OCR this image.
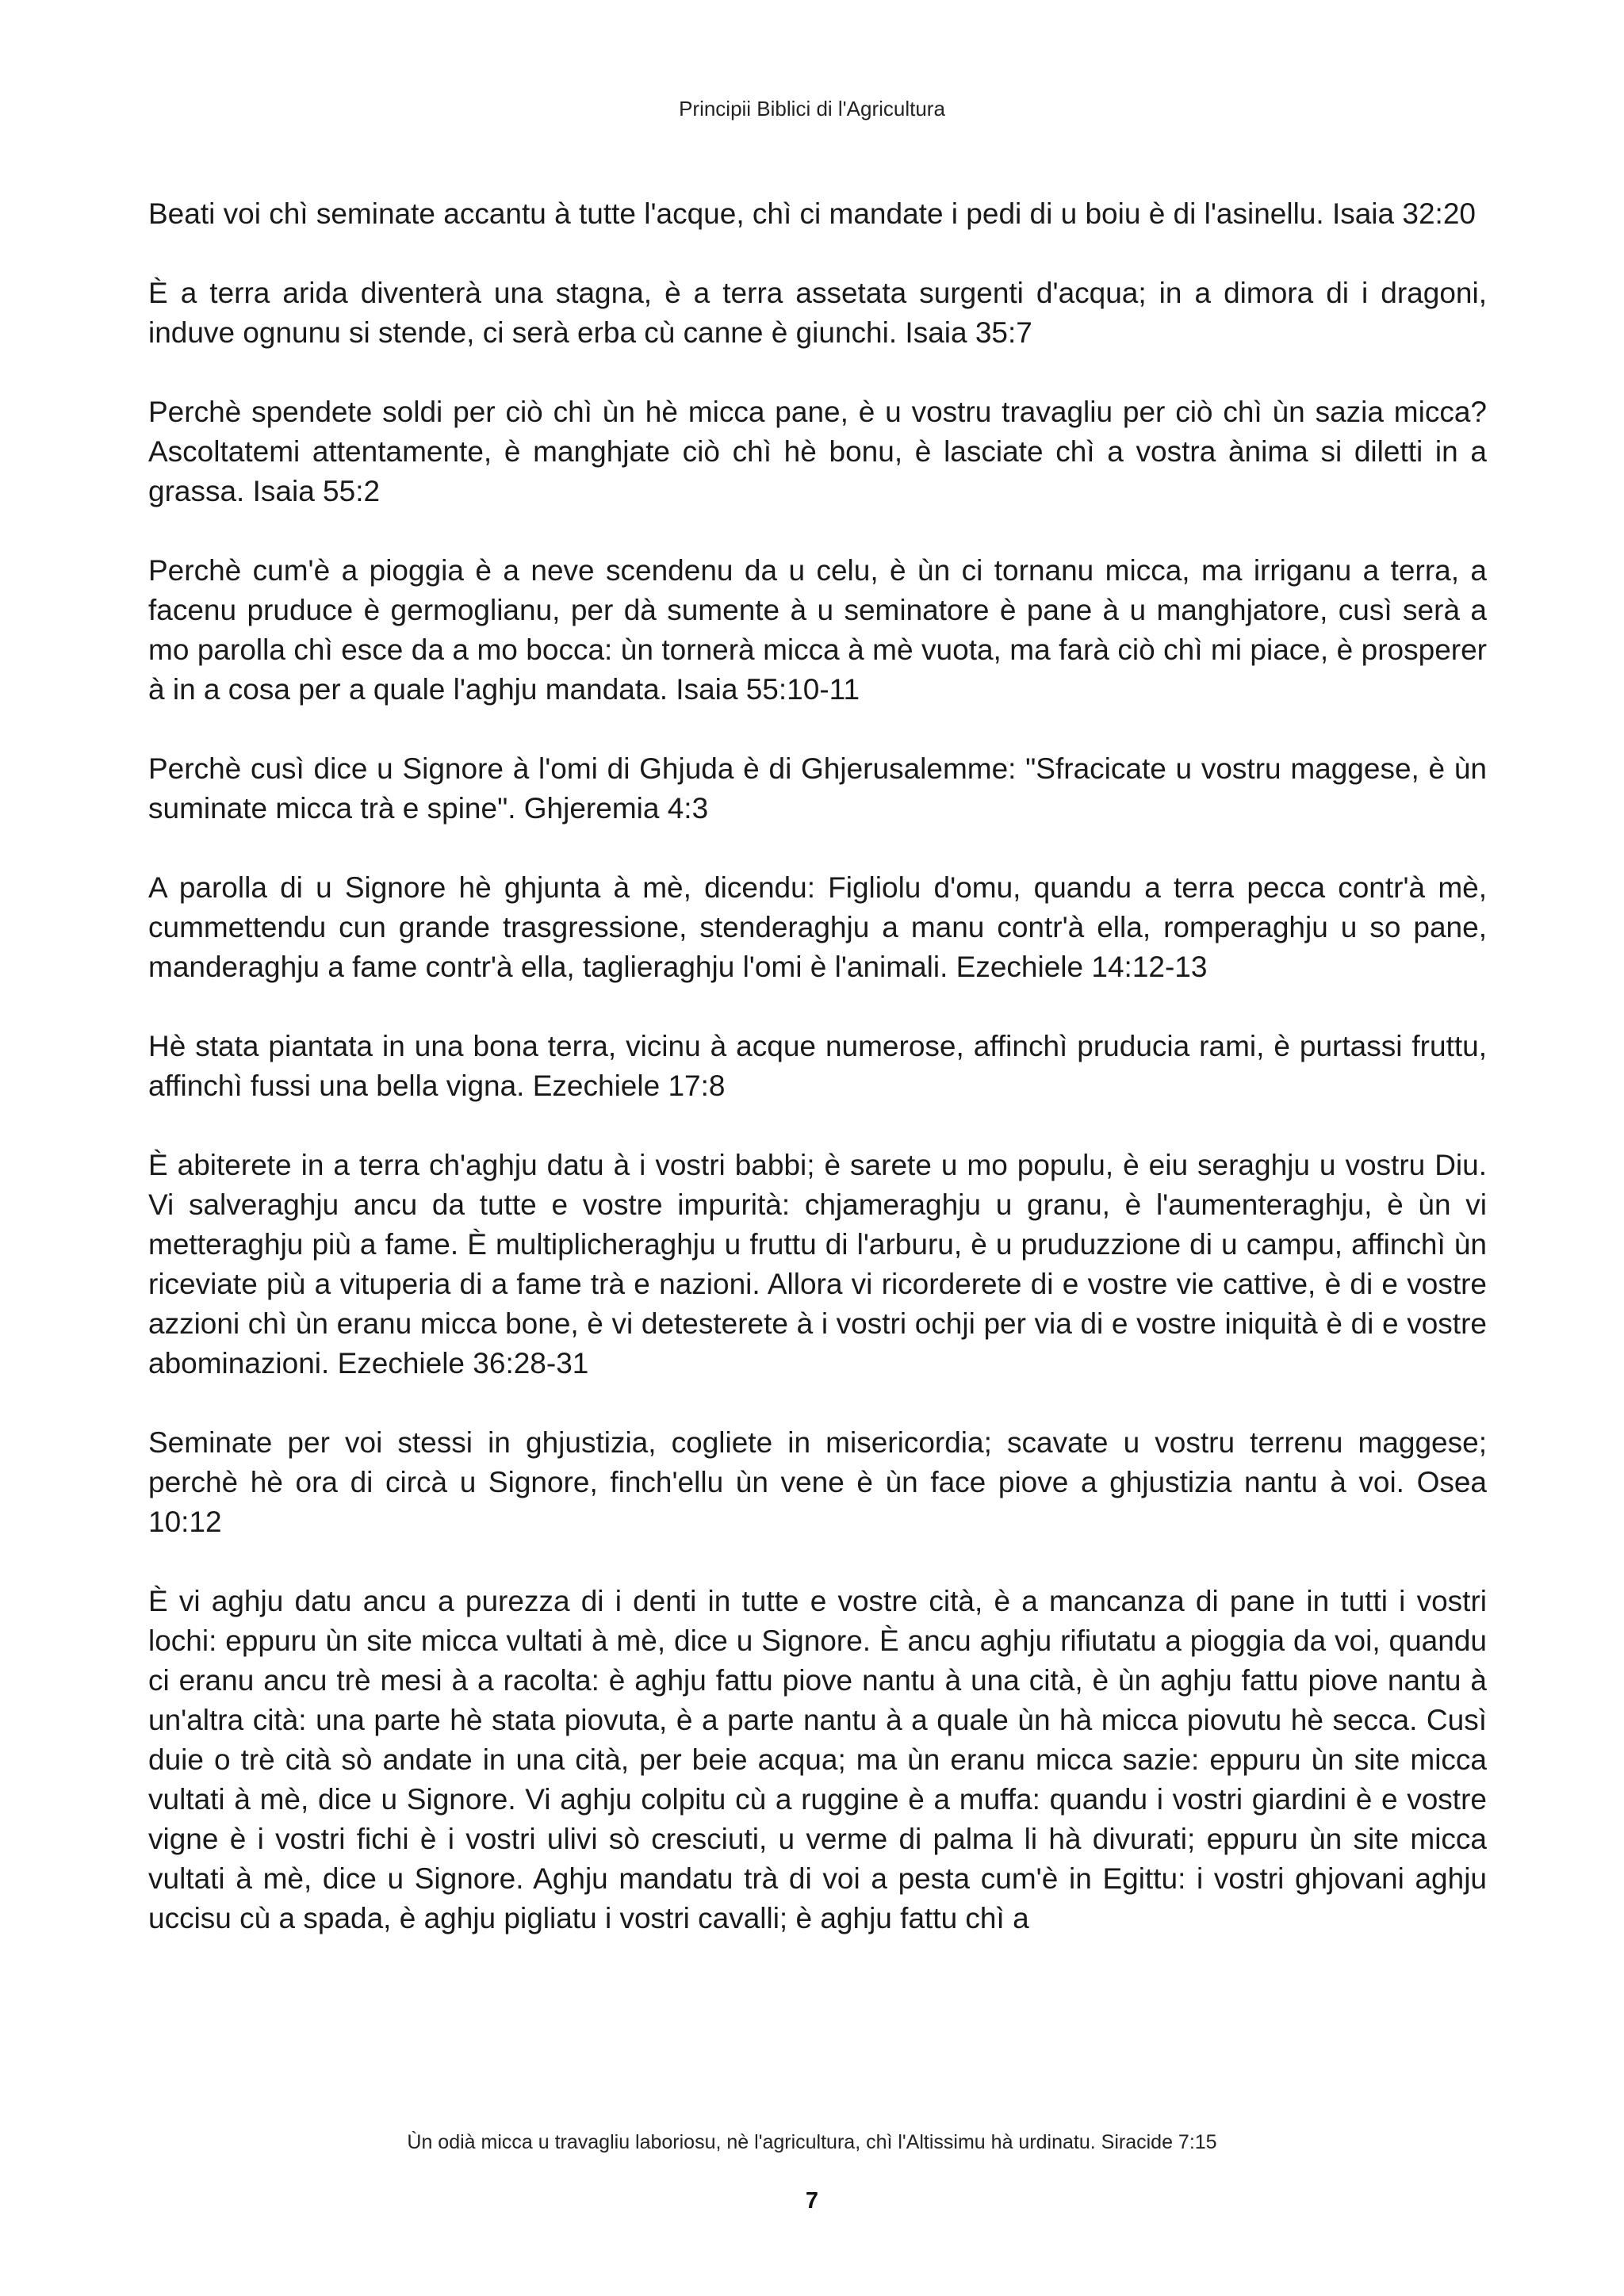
Principii Biblici di l'Agricultura

Beati voi chì seminate accantu à tutte l'acque, chì ci mandate i pedi di u boiu è di l'asinellu. Isaia 32:20

È a terra arida diventerà una stagna, è a terra assetata surgenti d'acqua; in a dimora di i dragoni, induve ognunu si stende, ci serà erba cù canne è giunchi. Isaia 35:7

Perchè spendete soldi per ciò chì ùn hè micca pane, è u vostru travagliu per ciò chì ùn sazia micca? Ascoltatemi attentamente, è manghjate ciò chì hè bonu, è lasciate chì a vostra ànima si diletti in a grassa. Isaia 55:2

Perchè cum'è a pioggia è a neve scendenu da u celu, è ùn ci tornanu micca, ma irriganu a terra, a facenu pruduce è germoglianu, per dà sumente à u seminatore è pane à u manghjatore, cusì serà a mo parolla chì esce da a mo bocca: ùn tornerà micca à mè vuota, ma farà ciò chì mi piace, è prosperer à in a cosa per a quale l'aghju mandata. Isaia 55:10-11

Perchè cusì dice u Signore à l'omi di Ghjuda è di Ghjerusalemme: "Sfracicate u vostru maggese, è ùn suminate micca trà e spine". Ghjeremia 4:3

A parolla di u Signore hè ghjunta à mè, dicendu: Figliolu d'omu, quandu a terra pecca contr'à mè, cummettendu cun grande trasgressione, stenderaghju a manu contr'à ella, romperaghju u so pane, manderaghju a fame contr'à ella, taglieraghju l'omi è l'animali. Ezechiele 14:12-13

Hè stata piantata in una bona terra, vicinu à acque numerose, affinchì pruducia rami, è purtassi fruttu, affinchì fussi una bella vigna. Ezechiele 17:8

È abiterete in a terra ch'aghju datu à i vostri babbi; è sarete u mo populu, è eiu seraghju u vostru Diu. Vi salveraghju ancu da tutte e vostre impurità: chjameraghju u granu, è l'aumenteraghju, è ùn vi metteraghju più a fame. È multiplicheraghju u fruttu di l'arburu, è u pruduzzione di u campu, affinchì ùn riceviate più a vituperia di a fame trà e nazioni. Allora vi ricorderete di e vostre vie cattive, è di e vostre azzioni chì ùn eranu micca bone, è vi detesterete à i vostri ochji per via di e vostre iniquità è di e vostre abominazioni. Ezechiele 36:28-31

Seminate per voi stessi in ghjustizia, cogliete in misericordia; scavate u vostru terrenu maggese; perchè hè ora di circà u Signore, finch'ellu ùn vene è ùn face piove a ghjustizia nantu à voi. Osea 10:12

È vi aghju datu ancu a purezza di i denti in tutte e vostre cità, è a mancanza di pane in tutti i vostri lochi: eppuru ùn site micca vultati à mè, dice u Signore. È ancu aghju rifiutatu a pioggia da voi, quandu ci eranu ancu trè mesi à a racolta: è aghju fattu piove nantu à una cità, è ùn aghju fattu piove nantu à un'altra cità: una parte hè stata piovuta, è a parte nantu à a quale ùn hà micca piovutu hè secca. Cusì duie o trè cità sò andate in una cità, per beie acqua; ma ùn eranu micca sazie: eppuru ùn site micca vultati à mè, dice u Signore. Vi aghju colpitu cù a ruggine è a muffa: quandu i vostri giardini è e vostre vigne è i vostri fichi è i vostri ulivi sò cresciuti, u verme di palma li hà divurati; eppuru ùn site micca vultati à mè, dice u Signore. Aghju mandatu trà di voi a pesta cum'è in Egittu: i vostri ghjovani aghju uccisu cù a spada, è aghju pigliatu i vostri cavalli; è aghju fattu chì a

Ùn odià micca u travagliu laboriosu, nè l'agricultura, chì l'Altissimu hà urdinatu. Siracide 7:15
7
